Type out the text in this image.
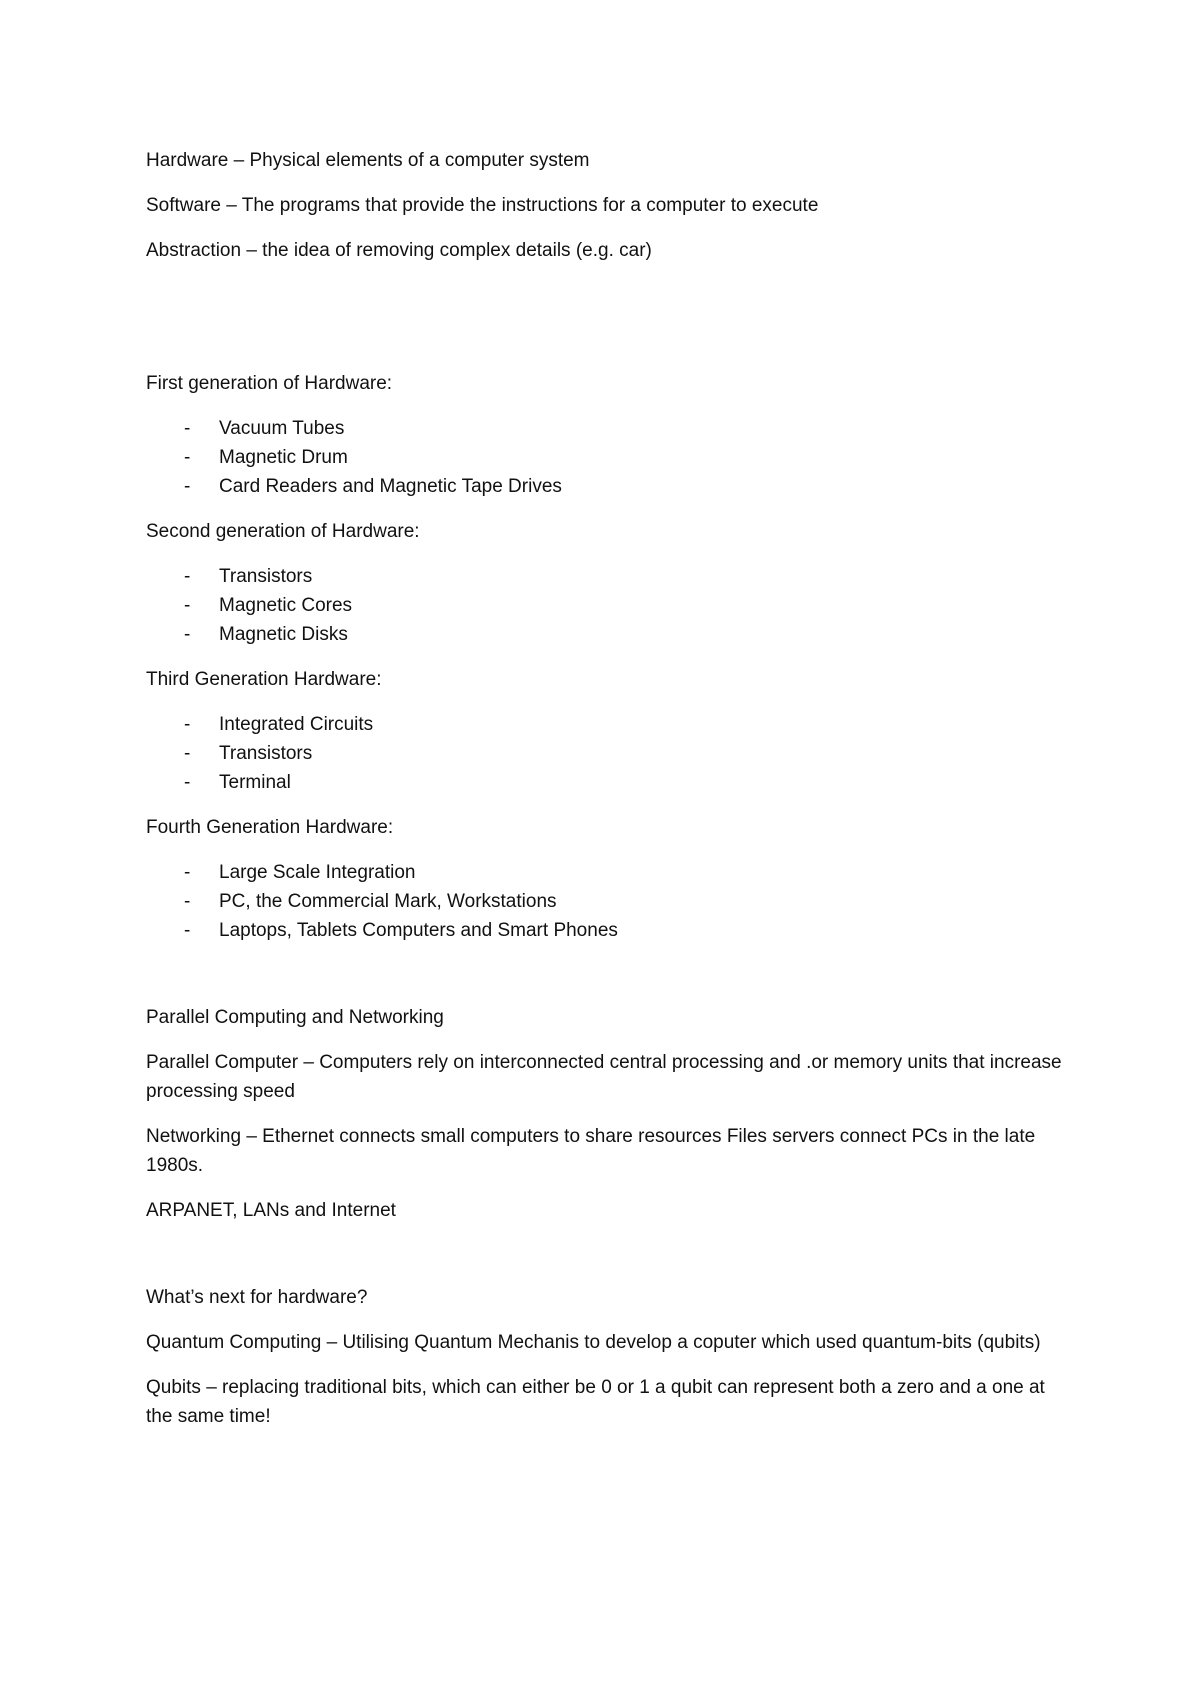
Hardware – Physical elements of a computer system

Software – The programs that provide the instructions for a computer to execute

Abstraction – the idea of removing complex details (e.g. car)

First generation of Hardware:

- Vacuum Tubes
- Magnetic Drum
- Card Readers and Magnetic Tape Drives

Second generation of Hardware:

- Transistors
- Magnetic Cores
- Magnetic Disks

Third Generation Hardware:

- Integrated Circuits
- Transistors
- Terminal

Fourth Generation Hardware:

- Large Scale Integration
- PC, the Commercial Mark, Workstations
- Laptops, Tablets Computers and Smart Phones

Parallel Computing and Networking

Parallel Computer – Computers rely on interconnected central processing and .or memory units that increase processing speed

Networking – Ethernet connects small computers to share resources Files servers connect PCs in the late 1980s.

ARPANET, LANs and Internet

What’s next for hardware?

Quantum Computing – Utilising Quantum Mechanis to develop a coputer which used quantum-bits (qubits)

Qubits – replacing traditional bits, which can either be 0 or 1 a qubit can represent both a zero and a one at the same time!
